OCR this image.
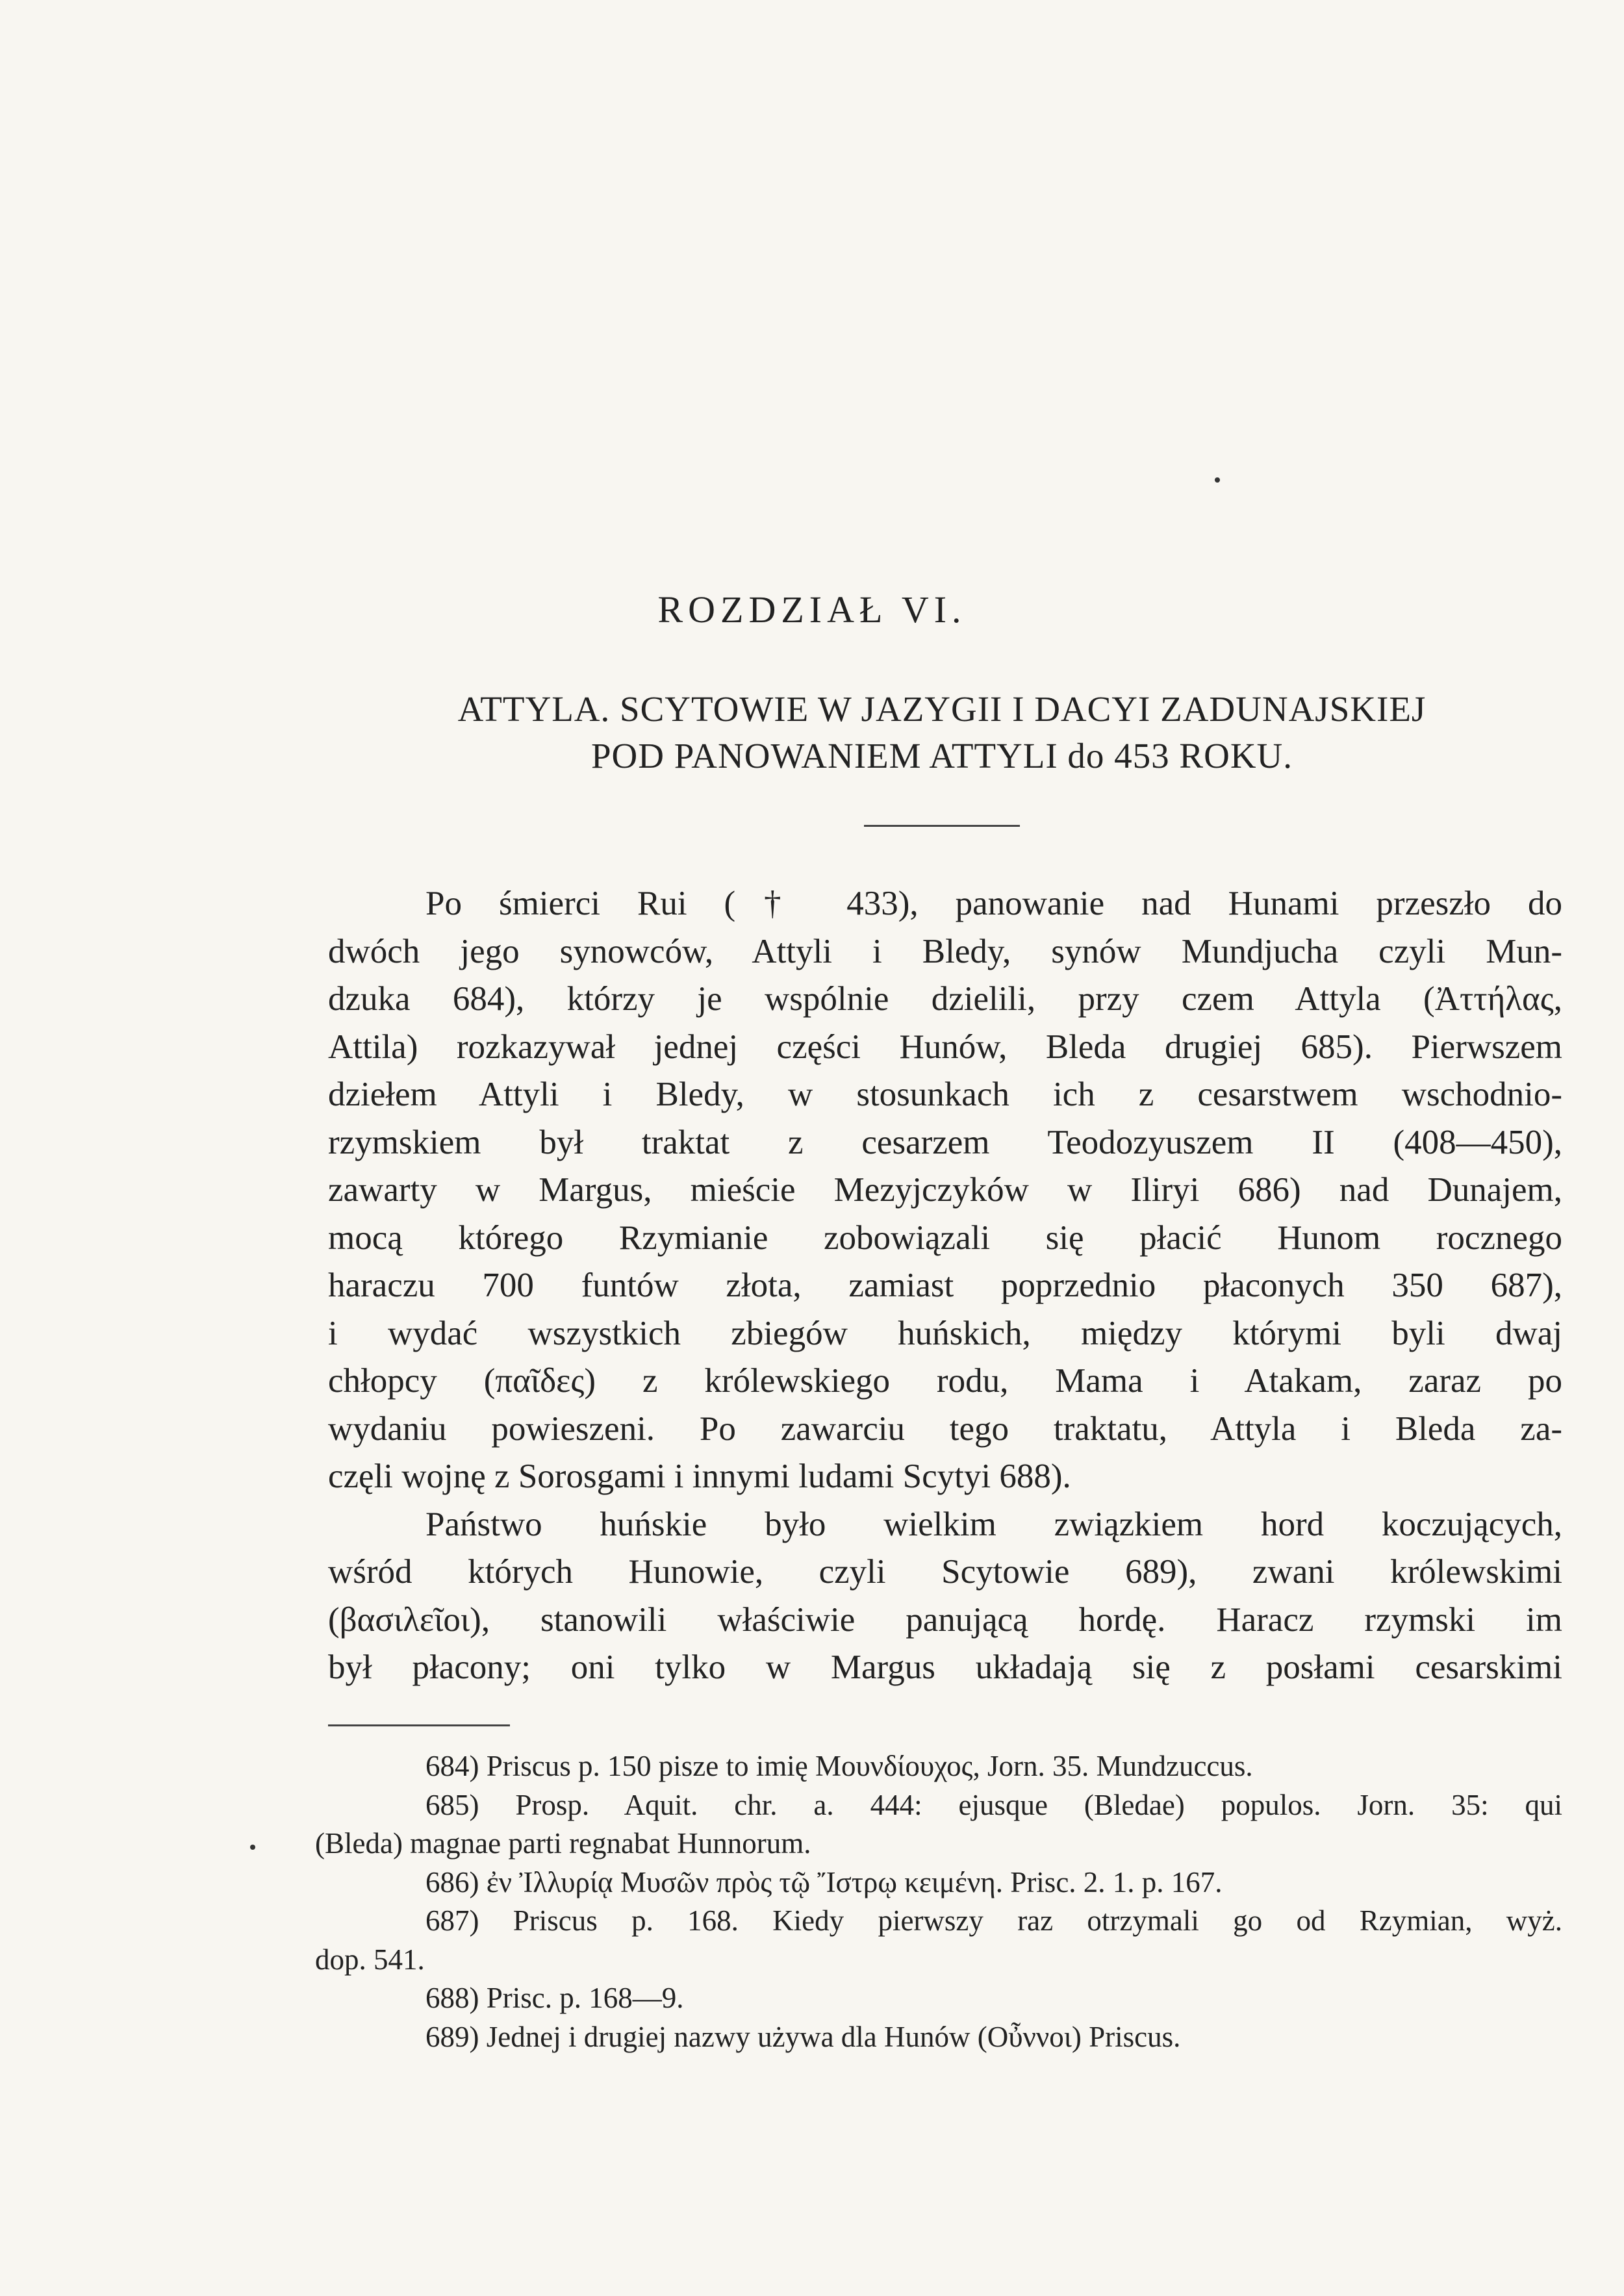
ROZDZIAŁ VI.
ATTYLA. SCYTOWIE W JAZYGII I DACYI ZADUNAJSKIEJ
POD PANOWANIEM ATTYLI do 453 ROKU.
Po śmierci Rui († 433), panowanie nad Hunami przeszło do
dwóch jego synowców, Attyli i Bledy, synów Mundjucha czyli Mun-
dzuka 684), którzy je wspólnie dzielili, przy czem Attyla (Ἀττήλας,
Attila) rozkazywał jednej części Hunów, Bleda drugiej 685). Pierwszem
dziełem Attyli i Bledy, w stosunkach ich z cesarstwem wschodnio-
rzymskiem był traktat z cesarzem Teodozyuszem II (408—450),
zawarty w Margus, mieście Mezyjczyków w Iliryi 686) nad Dunajem,
mocą którego Rzymianie zobowiązali się płacić Hunom rocznego
haraczu 700 funtów złota, zamiast poprzednio płaconych 350 687),
i wydać wszystkich zbiegów huńskich, między którymi byli dwaj
chłopcy (παῖδες) z królewskiego rodu, Mama i Atakam, zaraz po
wydaniu powieszeni. Po zawarciu tego traktatu, Attyla i Bleda za-
częli wojnę z Sorosgami i innymi ludami Scytyi 688).
Państwo huńskie było wielkim związkiem hord koczujących,
wśród których Hunowie, czyli Scytowie 689), zwani królewskimi
(βασιλεῖοι), stanowili właściwie panującą hordę. Haracz rzymski im
był płacony; oni tylko w Margus układają się z posłami cesarskimi
684) Priscus p. 150 pisze to imię Μουνδίουχος, Jorn. 35. Mundzuccus.
685) Prosp. Aquit. chr. a. 444: ejusque (Bledae) populos. Jorn. 35: qui
(Bleda) magnae parti regnabat Hunnorum.
686) ἐν Ἰλλυρίᾳ Μυσῶν πρὸς τῷ Ἴστρῳ κειμένη. Prisc. 2. 1. p. 167.
687) Priscus p. 168. Kiedy pierwszy raz otrzymali go od Rzymian, wyż.
dop. 541.
688) Prisc. p. 168—9.
689) Jednej i drugiej nazwy używa dla Hunów (Οὖννοι) Priscus.
